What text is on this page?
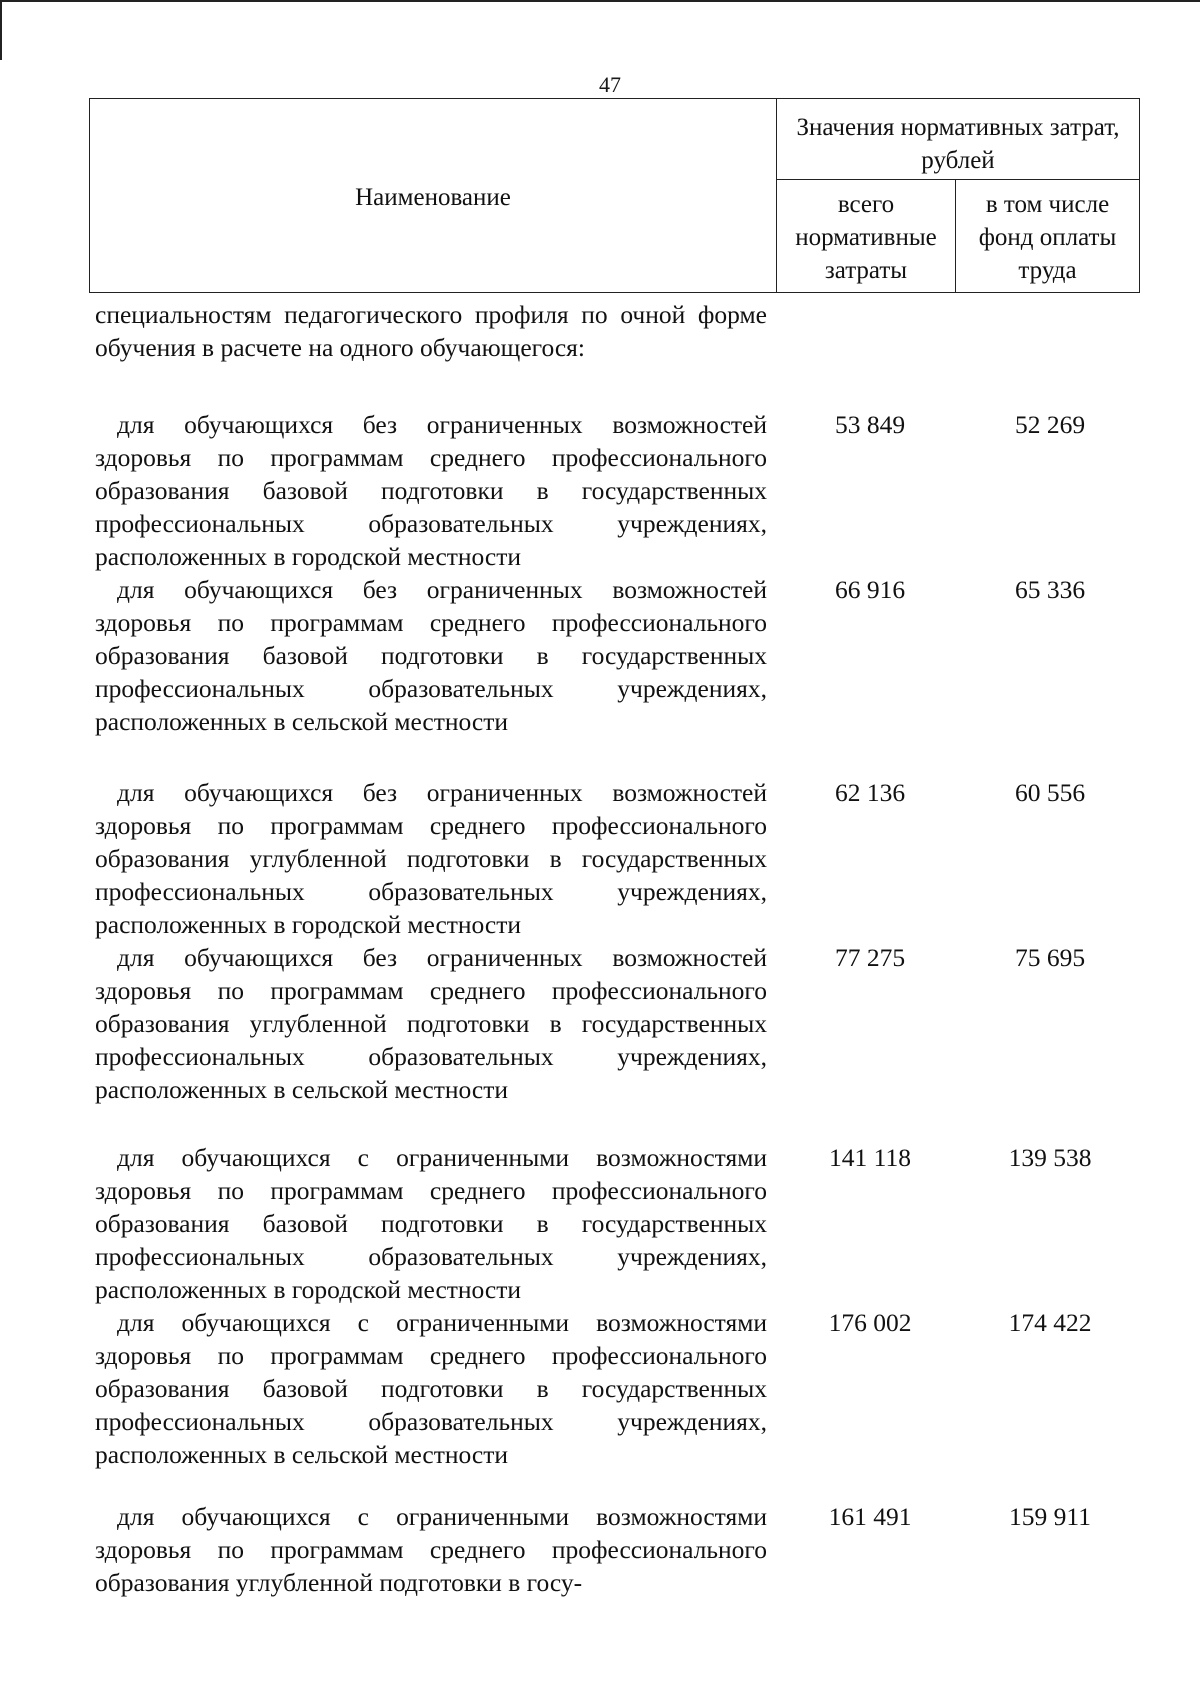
47
Наименование	Значения нормативных затрат, рублей	

	всего нормативные затраты	в том числе фонд оплаты труда
специальностям педагогического профиля по очной форме обучения в расчете на одного обучающегося:
для обучающихся без ограниченных возможностей здоровья по программам среднего профессионального образования базовой подготовки в государственных профессиональных образовательных учреждениях, расположенных в городской местности
53 849	52 269
для обучающихся без ограниченных возможностей здоровья по программам среднего профессионального образования базовой подготовки в государственных профессиональных образовательных учреждениях, расположенных в сельской местности
66 916	65 336
для обучающихся без ограниченных возможностей здоровья по программам среднего профессионального образования углубленной подготовки в государственных профессиональных образовательных учреждениях, расположенных в городской местности
62 136	60 556
для обучающихся без ограниченных возможностей здоровья по программам среднего профессионального образования углубленной подготовки в государственных профессиональных образовательных учреждениях, расположенных в сельской местности
77 275	75 695
для обучающихся с ограниченными возможностями здоровья по программам среднего профессионального образования базовой подготовки в государственных профессиональных образовательных учреждениях, расположенных в городской местности
141 118	139 538
для обучающихся с ограниченными возможностями здоровья по программам среднего профессионального образования базовой подготовки в государственных профессиональных образовательных учреждениях, расположенных в сельской местности
176 002	174 422
для обучающихся с ограниченными возможностями здоровья по программам среднего профессионального образования углубленной подготовки в госу-
161 491	159 911
